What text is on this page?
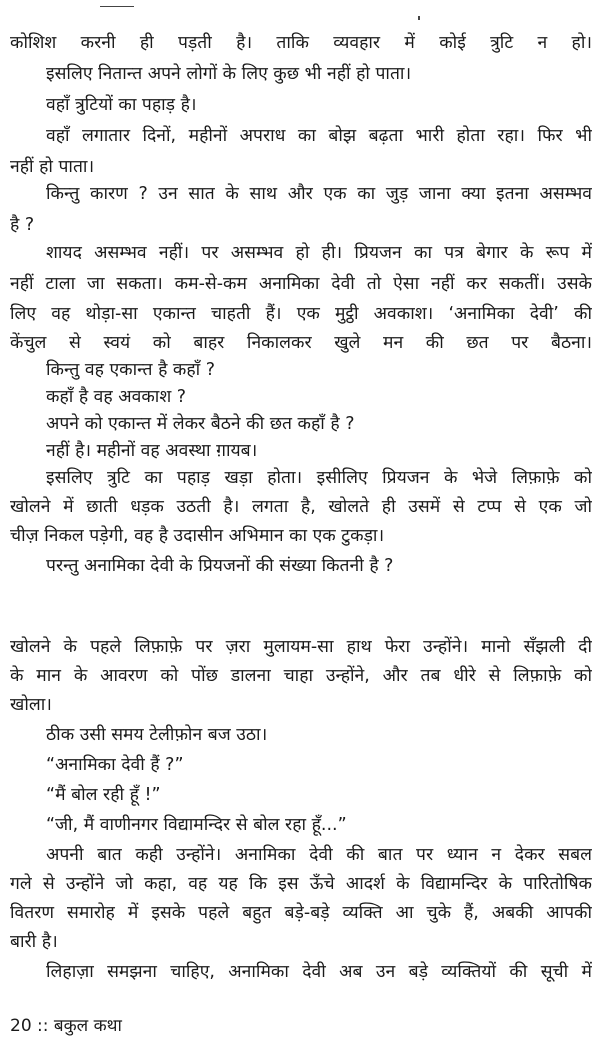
कोशिश करनी ही पड़ती है। ताकि व्यवहार में कोई त्रुटि न हो।
इसलिए नितान्त अपने लोगों के लिए कुछ भी नहीं हो पाता।
वहाँ त्रुटियों का पहाड़ है।
वहाँ लगातार दिनों, महीनों अपराध का बोझ बढ़ता भारी होता रहा। फिर भी
नहीं हो पाता।
किन्तु कारण ? उन सात के साथ और एक का जुड़ जाना क्या इतना असम्भव
है ?
शायद असम्भव नहीं। पर असम्भव हो ही। प्रियजन का पत्र बेगार के रूप में
नहीं टाला जा सकता। कम-से-कम अनामिका देवी तो ऐसा नहीं कर सकतीं। उसके
लिए वह थोड़ा-सा एकान्त चाहती हैं। एक मुट्ठी अवकाश। ‘अनामिका देवी’ की
केंचुल से स्वयं को बाहर निकालकर खुले मन की छत पर बैठना।
किन्तु वह एकान्त है कहाँ ?
कहाँ है वह अवकाश ?
अपने को एकान्त में लेकर बैठने की छत कहाँ है ?
नहीं है। महीनों वह अवस्था ग़ायब।
इसलिए त्रुटि का पहाड़ खड़ा होता। इसीलिए प्रियजन के भेजे लिफ़ाफ़े को
खोलने में छाती धड़क उठती है। लगता है, खोलते ही उसमें से टप्प से एक जो
चीज़ निकल पड़ेगी, वह है उदासीन अभिमान का एक टुकड़ा।
परन्तु अनामिका देवी के प्रियजनों की संख्या कितनी है ?
खोलने के पहले लिफ़ाफ़े पर ज़रा मुलायम-सा हाथ फेरा उन्होंने। मानो सँझली दी
के मान के आवरण को पोंछ डालना चाहा उन्होंने, और तब धीरे से लिफ़ाफ़े को
खोला।
ठीक उसी समय टेलीफ़ोन बज उठा।
“अनामिका देवी हैं ?”
“मैं बोल रही हूँ !”
“जी, मैं वाणीनगर विद्यामन्दिर से बोल रहा हूँ...”
अपनी बात कही उन्होंने। अनामिका देवी की बात पर ध्यान न देकर सबल
गले से उन्होंने जो कहा, वह यह कि इस ऊँचे आदर्श के विद्यामन्दिर के पारितोषिक
वितरण समारोह में इसके पहले बहुत बड़े-बड़े व्यक्ति आ चुके हैं, अबकी आपकी
बारी है।
लिहाज़ा समझना चाहिए, अनामिका देवी अब उन बड़े व्यक्तियों की सूची में
20 :: बकुल कथा
